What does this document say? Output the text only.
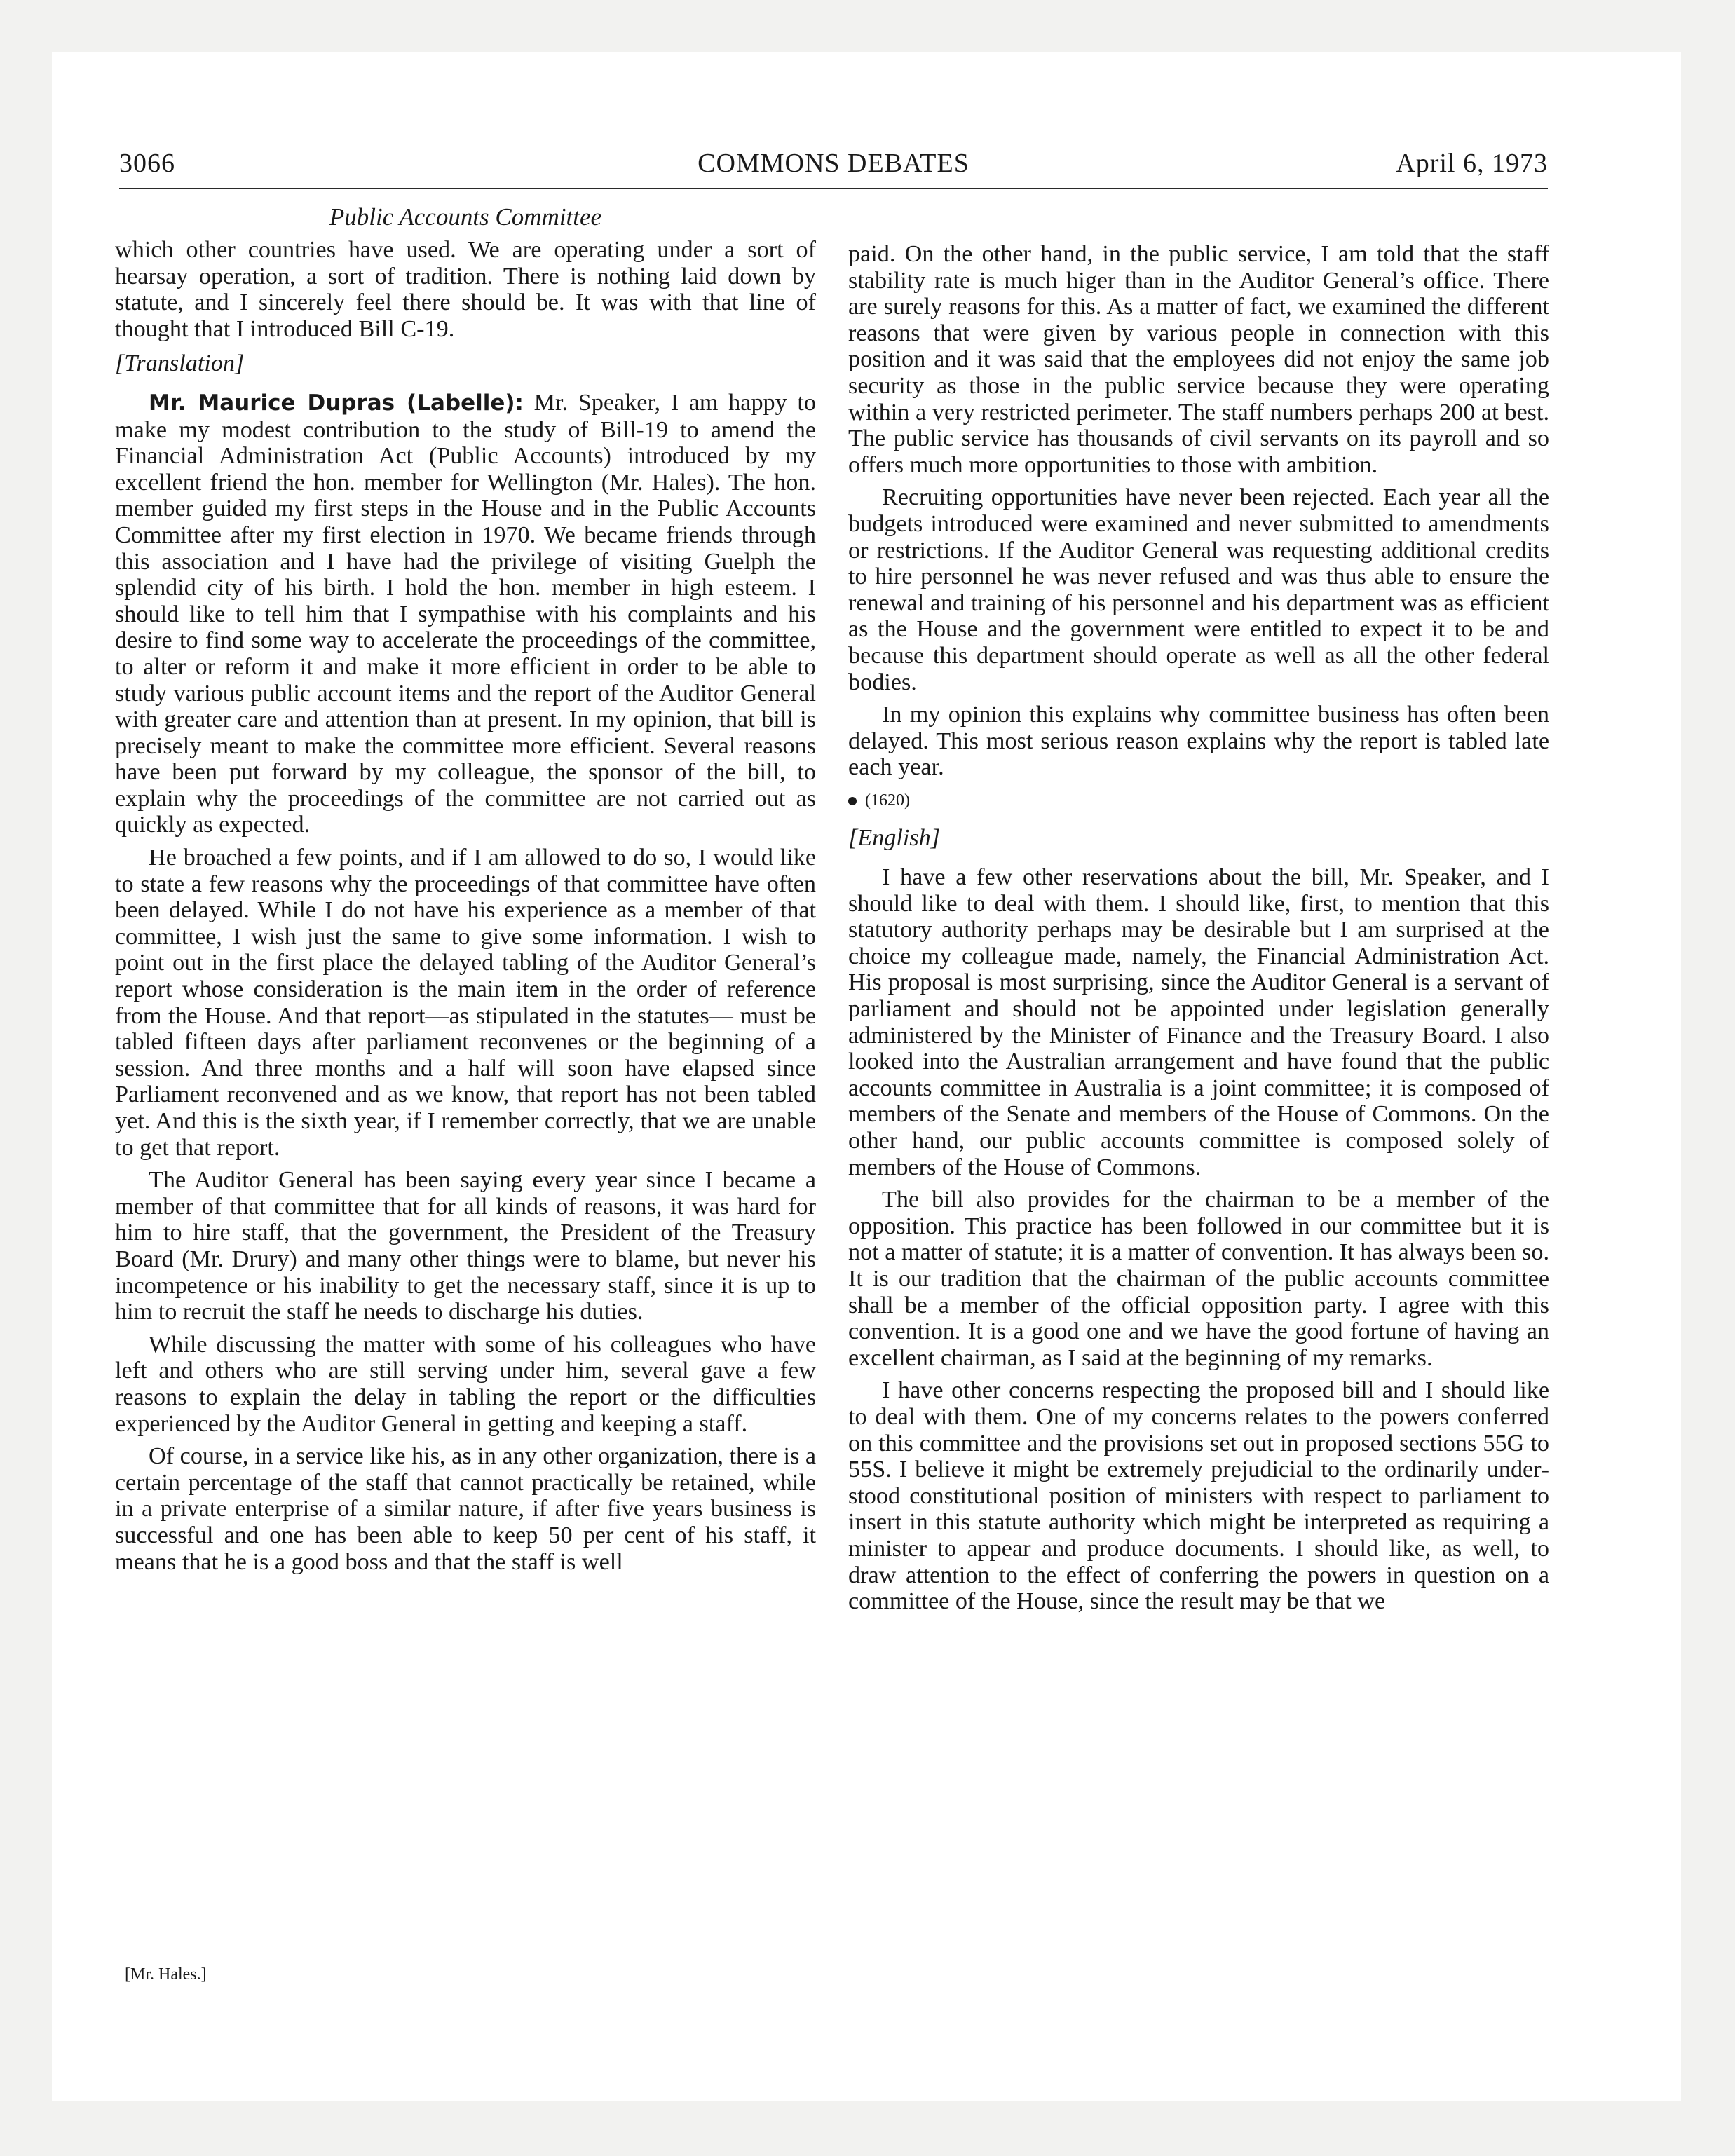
COMMONS DEBATES
3066	April 6, 1973
Public Accounts Committee

which other countries have used. We are operating under a sort of hearsay operation, a sort of tradition. There is nothing laid down by statute, and I sincerely feel there should be. It was with that line of thought that I introduced Bill C-19.

[Translation]

Mr. Maurice Dupras (Labelle): Mr. Speaker, I am happy to make my modest contribution to the study of Bill-19 to amend the Financial Administration Act (Public Accounts) introduced by my excellent friend the hon. member for Wellington (Mr. Hales). The hon. member guided my first steps in the House and in the Public Accounts Committee after my first election in 1970. We became friends through this association and I have had the privilege of visiting Guelph the splendid city of his birth. I hold the hon. member in high esteem. I should like to tell him that I sympathise with his complaints and his desire to find some way to accelerate the proceedings of the committee, to alter or reform it and make it more efficient in order to be able to study various public account items and the report of the Auditor General with greater care and attention than at present. In my opinion, that bill is precisely meant to make the committee more efficient. Several reasons have been put forward by my colleague, the sponsor of the bill, to explain why the proceedings of the committee are not carried out as quickly as expected.

He broached a few points, and if I am allowed to do so, I would like to state a few reasons why the proceedings of that committee have often been delayed. While I do not have his experience as a member of that committee, I wish just the same to give some information. I wish to point out in the first place the delayed tabling of the Auditor General’s report whose consideration is the main item in the order of reference from the House. And that report—as stipulated in the statutes— must be tabled fifteen days after parliament reconvenes or the beginning of a session. And three months and a half will soon have elapsed since Parliament reconvened and as we know, that report has not been tabled yet. And this is the sixth year, if I remember correctly, that we are unable to get that report.

The Auditor General has been saying every year since I became a member of that committee that for all kinds of reasons, it was hard for him to hire staff, that the government, the President of the Treasury Board (Mr. Drury) and many other things were to blame, but never his incompetence or his inability to get the necessary staff, since it is up to him to recruit the staff he needs to discharge his duties.

While discussing the matter with some of his colleagues who have left and others who are still serving under him, several gave a few reasons to explain the delay in tabling the report or the difficulties experienced by the Auditor General in getting and keeping a staff.

Of course, in a service like his, as in any other organization, there is a certain percentage of the staff that cannot practically be retained, while in a private enterprise of a similar nature, if after five years business is successful and one has been able to keep 50 per cent of his staff, it means that he is a good boss and that the staff is well

paid. On the other hand, in the public service, I am told that the staff stability rate is much higer than in the Auditor General’s office. There are surely reasons for this. As a matter of fact, we examined the different reasons that were given by various people in connection with this position and it was said that the employees did not enjoy the same job security as those in the public service because they were operating within a very restricted perimeter. The staff numbers perhaps 200 at best. The public service has thousands of civil servants on its payroll and so offers much more opportunities to those with ambition.

Recruiting opportunities have never been rejected. Each year all the budgets introduced were examined and never submitted to amendments or restrictions. If the Auditor General was requesting additional credits to hire personnel he was never refused and was thus able to ensure the renewal and training of his personnel and his department was as efficient as the House and the government were entitled to expect it to be and because this department should operate as well as all the other federal bodies.

In my opinion this explains why committee business has often been delayed. This most serious reason explains why the report is tabled late each year.

(1620)

[English]

I have a few other reservations about the bill, Mr. Speaker, and I should like to deal with them. I should like, first, to mention that this statutory authority perhaps may be desirable but I am surprised at the choice my colleague made, namely, the Financial Administration Act. His proposal is most surprising, since the Auditor General is a servant of parliament and should not be appointed under legislation generally administered by the Minister of Finance and the Treasury Board. I also looked into the Australian arrangement and have found that the public accounts committee in Australia is a joint committee; it is composed of members of the Senate and members of the House of Commons. On the other hand, our public accounts committee is composed solely of members of the House of Commons.

The bill also provides for the chairman to be a member of the opposition. This practice has been followed in our committee but it is not a matter of statute; it is a matter of convention. It has always been so. It is our tradition that the chairman of the public accounts committee shall be a member of the official opposition party. I agree with this convention. It is a good one and we have the good fortune of having an excellent chairman, as I said at the beginning of my remarks.

I have other concerns respecting the proposed bill and I should like to deal with them. One of my concerns relates to the powers conferred on this committee and the provisions set out in proposed sections 55G to 55S. I believe it might be extremely prejudicial to the ordinarily understood constitutional position of ministers with respect to parliament to insert in this statute authority which might be interpreted as requiring a minister to appear and produce documents. I should like, as well, to draw attention to the effect of conferring the powers in question on a committee of the House, since the result may be that we

[Mr. Hales.]
